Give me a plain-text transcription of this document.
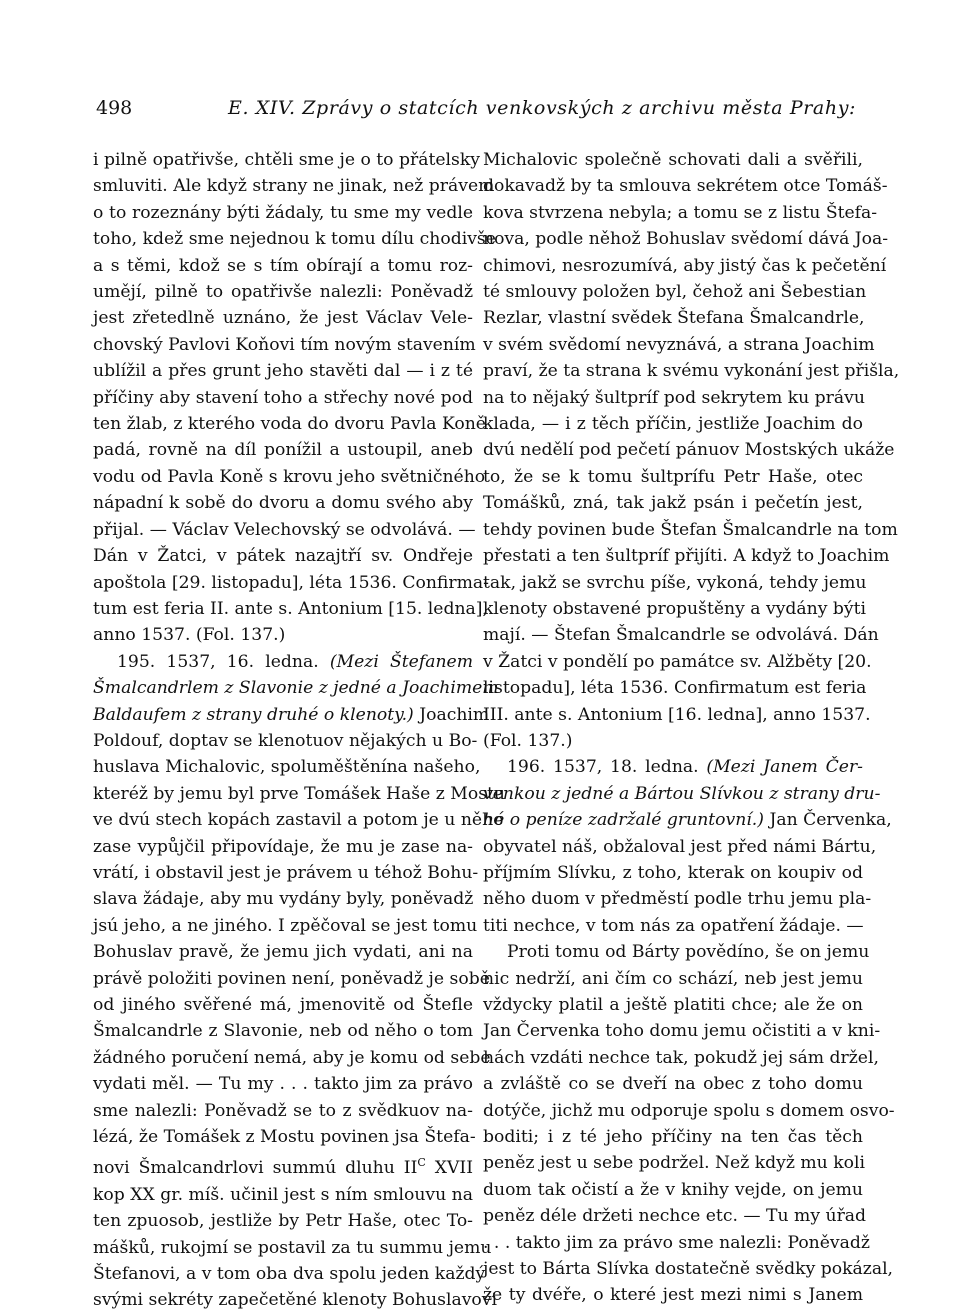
498	E. XIV. Zprávy o statcích venkovských z archivu města Prahy:
i pilně opatřivše, chtěli sme je o to přátelsky
smluviti. Ale když strany ne jinak, než právem
o to rozeznány býti žádaly, tu sme my vedle
toho, kdež sme nejednou k tomu dílu chodivše
a s těmi, kdož se s tím obírají a tomu roz-
umějí, pilně to opatřivše nalezli: Poněvadž
jest zřetedlně uznáno, že jest Václav Vele-
chovský Pavlovi Koňovi tím novým stavením
ublížil a přes grunt jeho stavěti dal — i z té
příčiny aby stavení toho a střechy nové pod
ten žlab, z kterého voda do dvoru Pavla Koně
padá, rovně na díl ponížil a ustoupil, aneb
vodu od Pavla Koně s krovu jeho světničného
nápadní k sobě do dvoru a domu svého aby
přijal. — Václav Velechovský se odvolává. —
Dán v Žatci, v pátek nazajtří sv. Ondřeje
apoštola [29. listopadu], léta 1536. Confirma-
tum est feria II. ante s. Antonium [15. ledna],
anno 1537. (Fol. 137.)
195. 1537, 16. ledna. (Mezi Štefanem
Šmalcandrlem z Slavonie z jedné a Joachimem
Baldaufem z strany druhé o klenoty.) Joachim
Poldouf, doptav se klenotuov nějakých u Bo-
huslava Michalovic, spoluměštěnína našeho,
kteréž by jemu byl prve Tomášek Haše z Mostu
ve dvú stech kopách zastavil a potom je u něho
zase vypůjčil připovídaje, že mu je zase na-
vrátí, i obstavil jest je právem u téhož Bohu-
slava žádaje, aby mu vydány byly, poněvadž
jsú jeho, a ne jiného. I zpěčoval se jest tomu
Bohuslav pravě, že jemu jich vydati, ani na
právě položiti povinen není, poněvadž je sobě
od jiného svěřené má, jmenovitě od Štefle
Šmalcandrle z Slavonie, neb od něho o tom
žádného poručení nemá, aby je komu od sebe
vydati měl. — Tu my . . . takto jim za právo
sme nalezli: Poněvadž se to z svědkuov na-
lézá, že Tomášek z Mostu povinen jsa Štefa-
novi Šmalcandrlovi summú dluhu $II^C$ XVII
kop XX gr. míš. učinil jest s ním smlouvu na
ten zpuosob, jestliže by Petr Haše, otec To-
mášků, rukojmí se postavil za tu summu jemu
Štefanovi, a v tom oba dva spolu jeden každý
svými sekréty zapečetěné klenoty Bohuslavovi
Michalovic společně schovati dali a svěřili,
dokavadž by ta smlouva sekrétem otce Tomáš-
kova stvrzena nebyla; a tomu se z listu Štefa-
nova, podle něhož Bohuslav svědomí dává Joa-
chimovi, nesrozumívá, aby jistý čas k pečetění
té smlouvy položen byl, čehož ani Šebestian
Rezlar, vlastní svědek Štefana Šmalcandrle,
v svém svědomí nevyznává, a strana Joachim
praví, že ta strana k svému vykonání jest přišla,
na to nějaký šultpríf pod sekrytem ku právu
klada, — i z těch příčin, jestliže Joachim do
dvú nedělí pod pečetí pánuov Mostských ukáže
to, že se k tomu šultprífu Petr Haše, otec
Tomášků, zná, tak jakž psán i pečetín jest,
tehdy povinen bude Štefan Šmalcandrle na tom
přestati a ten šultpríf přijíti. A když to Joachim
tak, jakž se svrchu píše, vykoná, tehdy jemu
klenoty obstavené propuštěny a vydány býti
mají. — Štefan Šmalcandrle se odvolává. Dán
v Žatci v pondělí po památce sv. Alžběty [20.
listopadu], léta 1536. Confirmatum est feria
III. ante s. Antonium [16. ledna], anno 1537.
(Fol. 137.)
196. 1537, 18. ledna. (Mezi Janem Čer-
venkou z jedné a Bártou Slívkou z strany dru-
hé o peníze zadržalé gruntovní.) Jan Červenka,
obyvatel náš, obžaloval jest před námi Bártu,
příjmím Slívku, z toho, kterak on koupiv od
něho duom v předměstí podle trhu jemu pla-
titi nechce, v tom nás za opatření žádaje. —
Proti tomu od Bárty povědíno, še on jemu
nic nedrží, ani čím co schází, neb jest jemu
vždycky platil a ještě platiti chce; ale že on
Jan Červenka toho domu jemu očistiti a v kni-
hách vzdáti nechce tak, pokudž jej sám držel,
a zvláště co se dveří na obec z toho domu
dotýče, jichž mu odporuje spolu s domem osvo-
boditi; i z té jeho příčiny na ten čas těch
peněz jest u sebe podržel. Než když mu koli
duom tak očistí a že v knihy vejde, on jemu
peněz déle držeti nechce etc. — Tu my úřad
. . . takto jim za právo sme nalezli: Poněvadž
jest to Bárta Slívka dostatečně svědky pokázal,
že ty dvéře, o které jest mezi nimi s Janem
